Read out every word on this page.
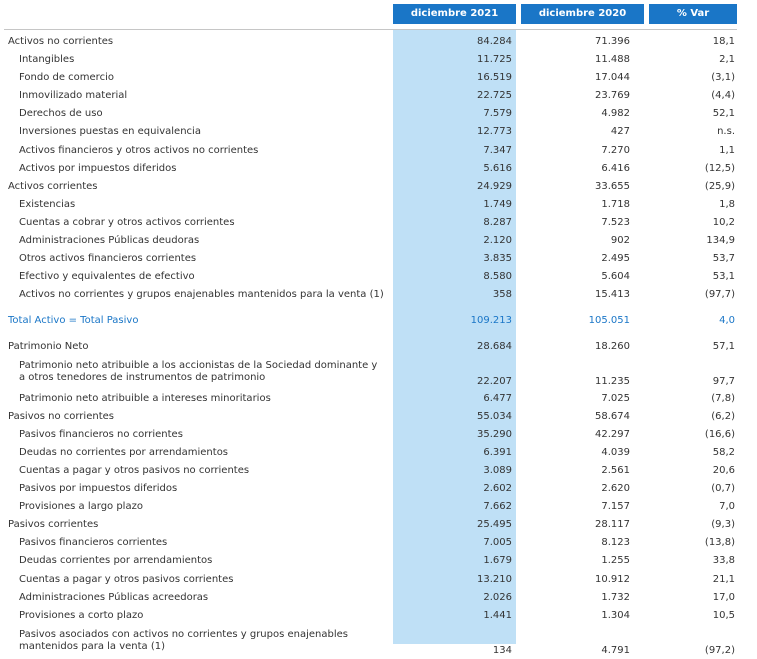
diciembre 2021	diciembre 2020	% Var
Activos no corrientes	84.284	71.396	18,1
Intangibles	11.725	11.488	2,1
Fondo de comercio	16.519	17.044	(3,1)
Inmovilizado material	22.725	23.769	(4,4)
Derechos de uso	7.579	4.982	52,1
Inversiones puestas en equivalencia	12.773	427	n.s.
Activos financieros y otros activos no corrientes	7.347	7.270	1,1
Activos por impuestos diferidos	5.616	6.416	(12,5)
Activos corrientes	24.929	33.655	(25,9)
Existencias	1.749	1.718	1,8
Cuentas a cobrar y otros activos corrientes	8.287	7.523	10,2
Administraciones Públicas deudoras	2.120	902	134,9
Otros activos financieros corrientes	3.835	2.495	53,7
Efectivo y equivalentes de efectivo	8.580	5.604	53,1
Activos no corrientes y grupos enajenables mantenidos para la venta (1)	358	15.413	(97,7)
Total Activo = Total Pasivo	109.213	105.051	4,0
Patrimonio Neto	28.684	18.260	57,1
Patrimonio neto atribuible a los accionistas de la Sociedad dominante y a otros tenedores de instrumentos de patrimonio	22.207	11.235	97,7
Patrimonio neto atribuible a intereses minoritarios	6.477	7.025	(7,8)
Pasivos no corrientes	55.034	58.674	(6,2)
Pasivos financieros no corrientes	35.290	42.297	(16,6)
Deudas no corrientes por arrendamientos	6.391	4.039	58,2
Cuentas a pagar y otros pasivos no corrientes	3.089	2.561	20,6
Pasivos por impuestos diferidos	2.602	2.620	(0,7)
Provisiones a largo plazo	7.662	7.157	7,0
Pasivos corrientes	25.495	28.117	(9,3)
Pasivos financieros corrientes	7.005	8.123	(13,8)
Deudas corrientes por arrendamientos	1.679	1.255	33,8
Cuentas a pagar y otros pasivos corrientes	13.210	10.912	21,1
Administraciones Públicas acreedoras	2.026	1.732	17,0
Provisiones a corto plazo	1.441	1.304	10,5
Pasivos asociados con activos no corrientes y grupos enajenables mantenidos para la venta (1)	134	4.791	(97,2)
